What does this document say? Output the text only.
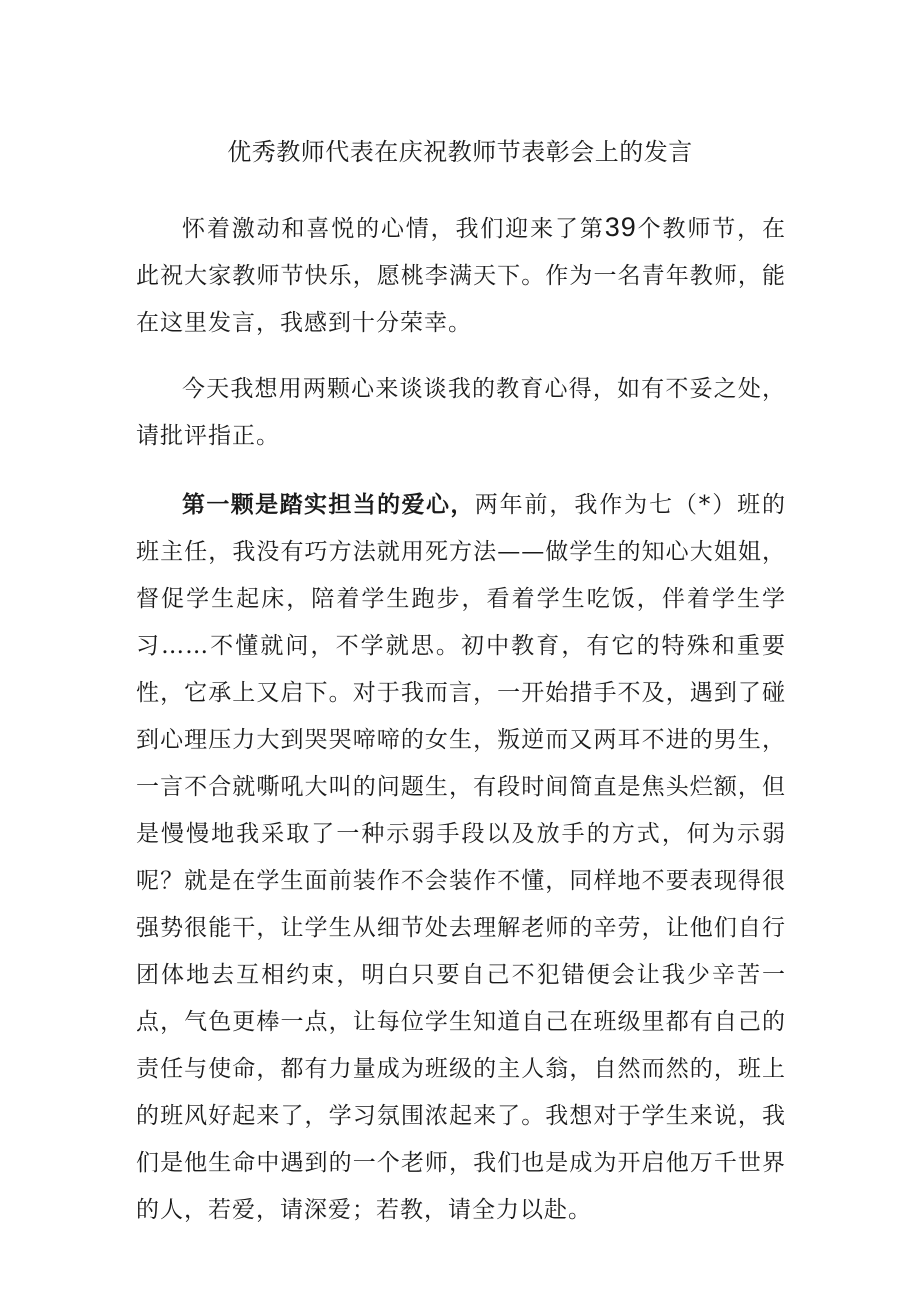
优秀教师代表在庆祝教师节表彰会上的发言

怀着激动和喜悦的心情，我们迎来了第39个教师节，在此祝大家教师节快乐，愿桃李满天下。作为一名青年教师，能在这里发言，我感到十分荣幸。

今天我想用两颗心来谈谈我的教育心得，如有不妥之处，请批评指正。

第一颗是踏实担当的爱心，两年前，我作为七（*）班的班主任，我没有巧方法就用死方法——做学生的知心大姐姐，督促学生起床，陪着学生跑步，看着学生吃饭，伴着学生学习……不懂就问，不学就思。初中教育，有它的特殊和重要性，它承上又启下。对于我而言，一开始措手不及，遇到了碰到心理压力大到哭哭啼啼的女生，叛逆而又两耳不进的男生，一言不合就嘶吼大叫的问题生，有段时间简直是焦头烂额，但是慢慢地我采取了一种示弱手段以及放手的方式，何为示弱呢？就是在学生面前装作不会装作不懂，同样地不要表现得很强势很能干，让学生从细节处去理解老师的辛劳，让他们自行团体地去互相约束，明白只要自己不犯错便会让我少辛苦一点，气色更棒一点，让每位学生知道自己在班级里都有自己的责任与使命，都有力量成为班级的主人翁，自然而然的，班上的班风好起来了，学习氛围浓起来了。我想对于学生来说，我们是他生命中遇到的一个老师，我们也是成为开启他万千世界的人，若爱，请深爱；若教，请全力以赴。
